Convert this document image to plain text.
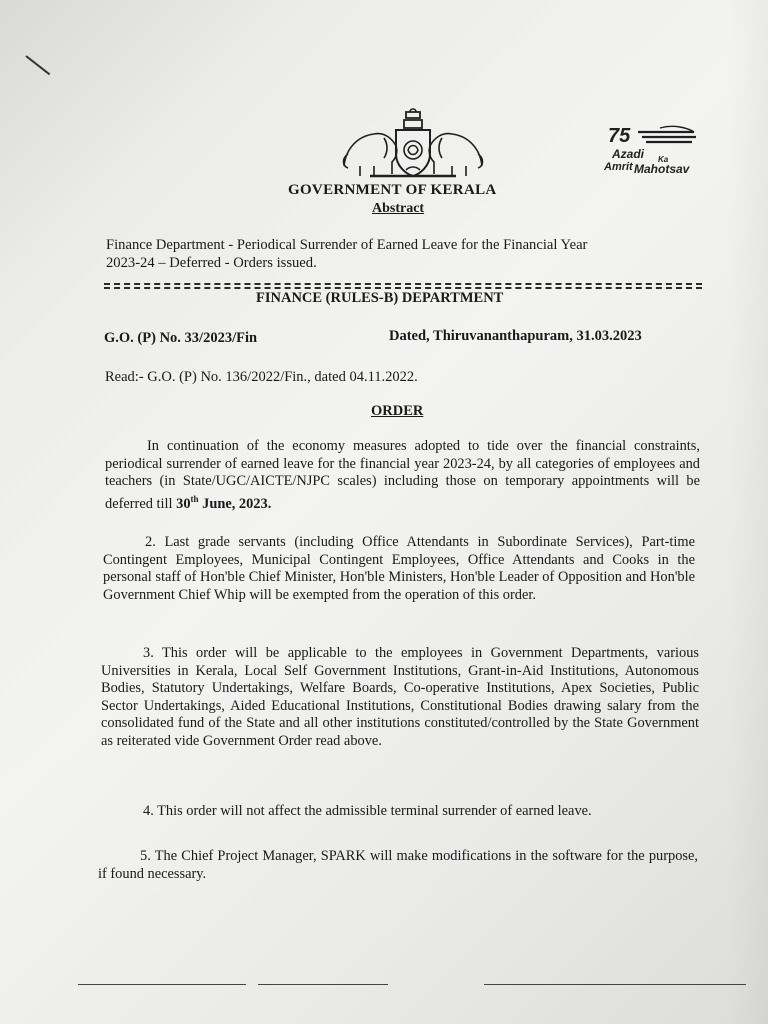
75
Azadi Ka
Amrit Mahotsav
GOVERNMENT OF KERALA
Abstract
Finance Department - Periodical Surrender of Earned Leave for the Financial Year
2023-24 – Deferred - Orders issued.
FINANCE (RULES-B) DEPARTMENT
G.O. (P) No. 33/2023/Fin	Dated, Thiruvananthapuram, 31.03.2023
Read:- G.O. (P) No. 136/2022/Fin., dated 04.11.2022.
ORDER
In continuation of the economy measures adopted to tide over the financial constraints, periodical surrender of earned leave for the financial year 2023-24, by all categories of employees and teachers (in State/UGC/AICTE/NJPC scales) including those on temporary appointments will be deferred till 30th June, 2023.
2. Last grade servants (including Office Attendants in Subordinate Services), Part-time Contingent Employees, Municipal Contingent Employees, Office Attendants and Cooks in the personal staff of Hon'ble Chief Minister, Hon'ble Ministers, Hon'ble Leader of Opposition and Hon'ble Government Chief Whip will be exempted from the operation of this order.
3. This order will be applicable to the employees in Government Departments, various Universities in Kerala, Local Self Government Institutions, Grant-in-Aid Institutions, Autonomous Bodies, Statutory Undertakings, Welfare Boards, Co-operative Institutions, Apex Societies, Public Sector Undertakings, Aided Educational Institutions, Constitutional Bodies drawing salary from the consolidated fund of the State and all other institutions constituted/controlled by the State Government as reiterated vide Government Order read above.
4. This order will not affect the admissible terminal surrender of earned leave.
5. The Chief Project Manager, SPARK will make modifications in the software for the purpose, if found necessary.
